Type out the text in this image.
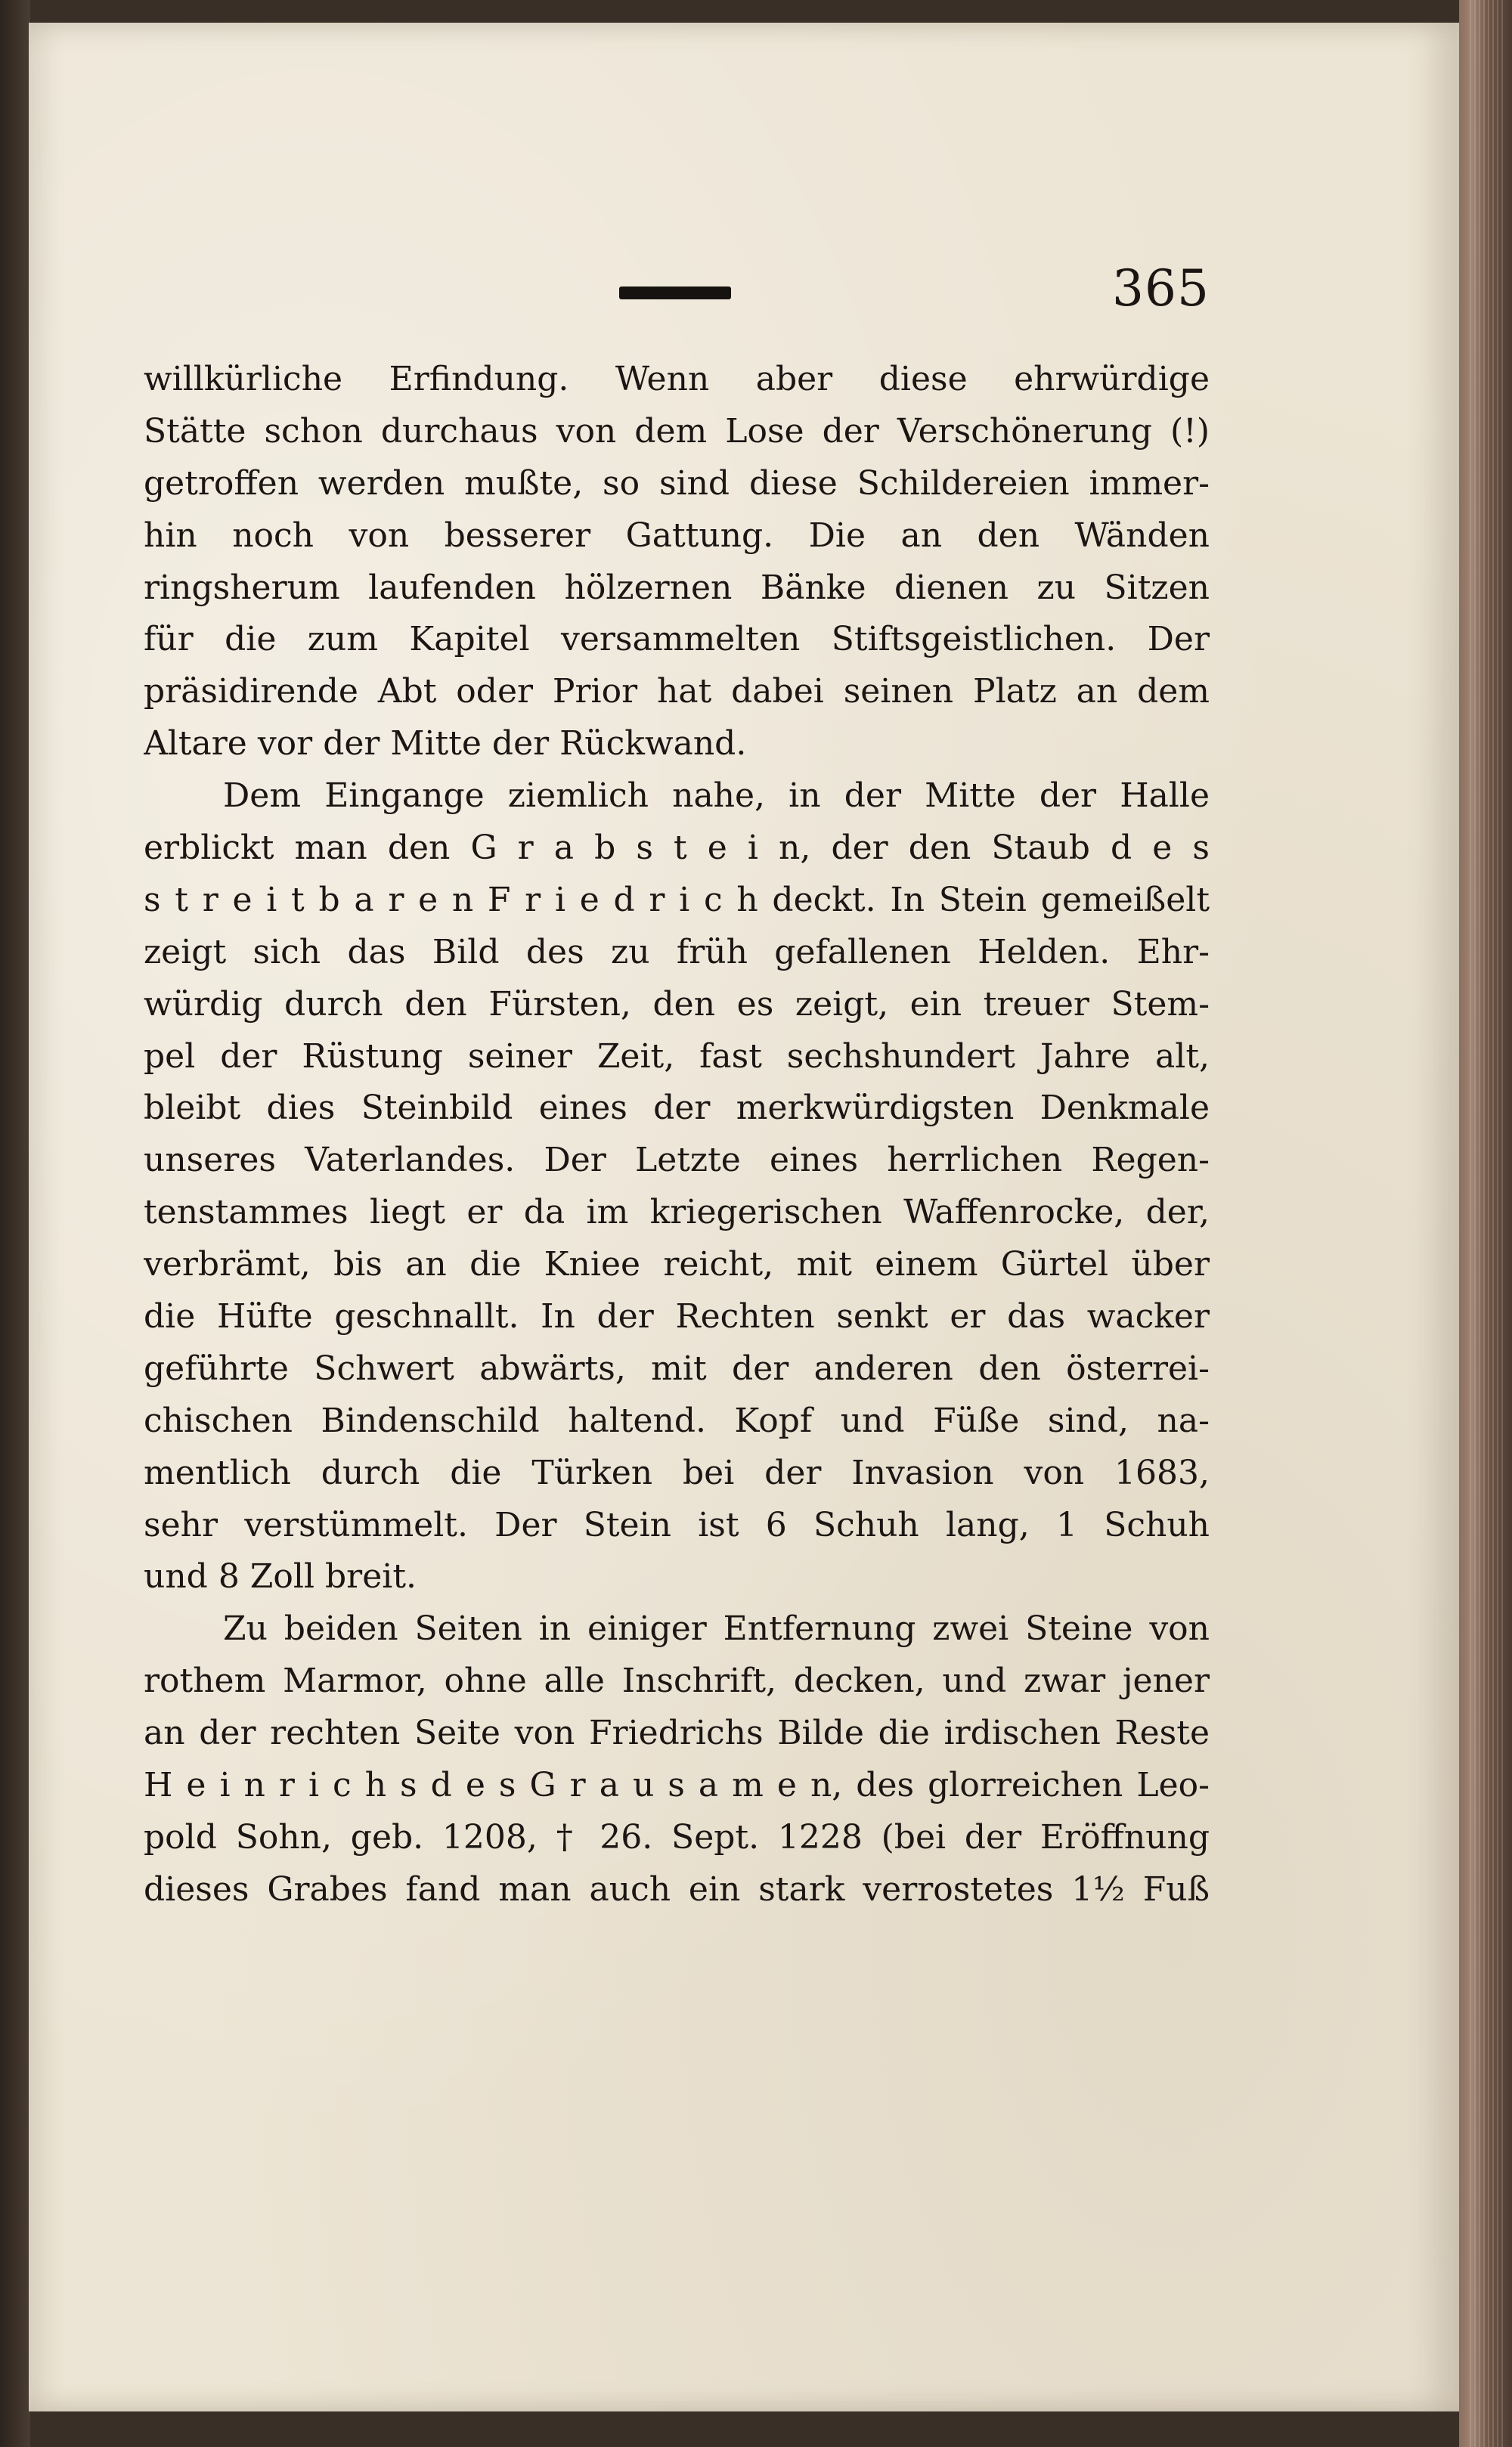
365
willkürliche Erfindung. Wenn aber diese ehrwürdige
Stätte schon durchaus von dem Lose der Verschönerung (!)
getroffen werden mußte, so sind diese Schildereien immer-
hin noch von besserer Gattung. Die an den Wänden
ringsherum laufenden hölzernen Bänke dienen zu Sitzen
für die zum Kapitel versammelten Stiftsgeistlichen. Der
präsidirende Abt oder Prior hat dabei seinen Platz an dem
Altare vor der Mitte der Rückwand.
Dem Eingange ziemlich nahe, in der Mitte der Halle
erblickt man den G r a b s t e i n, der den Staub d e s
s t r e i t b a r e n F r i e d r i c h deckt. In Stein gemeißelt
zeigt sich das Bild des zu früh gefallenen Helden. Ehr-
würdig durch den Fürsten, den es zeigt, ein treuer Stem-
pel der Rüstung seiner Zeit, fast sechshundert Jahre alt,
bleibt dies Steinbild eines der merkwürdigsten Denkmale
unseres Vaterlandes. Der Letzte eines herrlichen Regen-
tenstammes liegt er da im kriegerischen Waffenrocke, der,
verbrämt, bis an die Kniee reicht, mit einem Gürtel über
die Hüfte geschnallt. In der Rechten senkt er das wacker
geführte Schwert abwärts, mit der anderen den österrei-
chischen Bindenschild haltend. Kopf und Füße sind, na-
mentlich durch die Türken bei der Invasion von 1683,
sehr verstümmelt. Der Stein ist 6 Schuh lang, 1 Schuh
und 8 Zoll breit.
Zu beiden Seiten in einiger Entfernung zwei Steine von
rothem Marmor, ohne alle Inschrift, decken, und zwar jener
an der rechten Seite von Friedrichs Bilde die irdischen Reste
H e i n r i c h s d e s G r a u s a m e n, des glorreichen Leo-
pold Sohn, geb. 1208, † 26. Sept. 1228 (bei der Eröffnung
dieses Grabes fand man auch ein stark verrostetes 1½ Fuß
